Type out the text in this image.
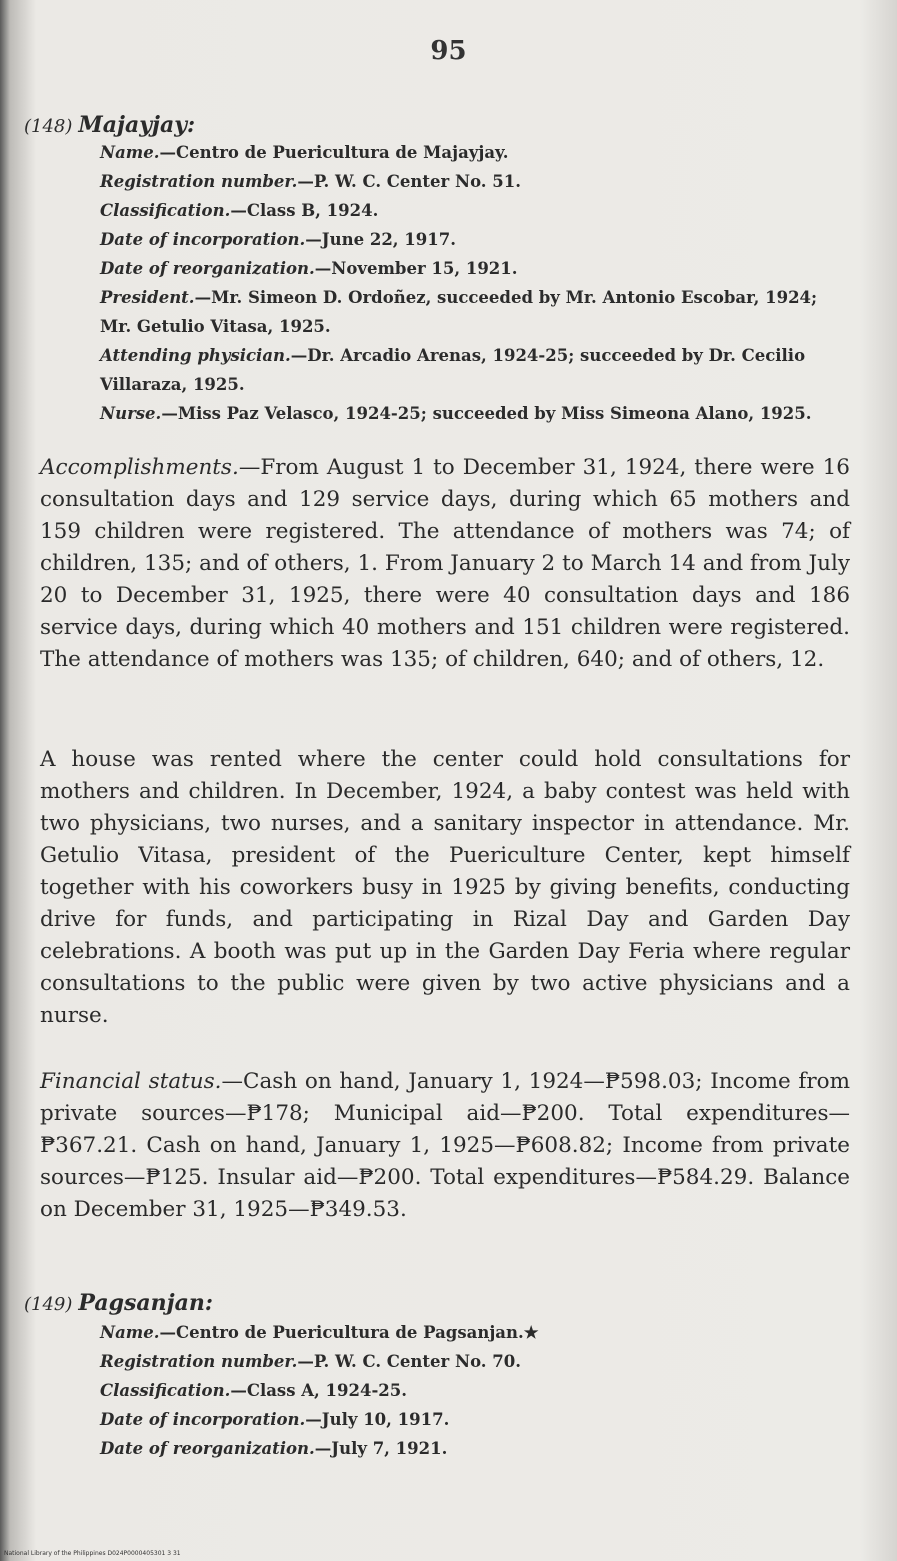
95
(148) Majayjay:
Name.—Centro de Puericultura de Majayjay.
Registration number.—P. W. C. Center No. 51.
Classification.—Class B, 1924.
Date of incorporation.—June 22, 1917.
Date of reorganization.—November 15, 1921.
President.—Mr. Simeon D. Ordoñez, succeeded by Mr. Antonio Escobar, 1924; Mr. Getulio Vitasa, 1925.
Attending physician.—Dr. Arcadio Arenas, 1924-25; succeeded by Dr. Cecilio Villaraza, 1925.
Nurse.—Miss Paz Velasco, 1924-25; succeeded by Miss Simeona Alano, 1925.
Accomplishments.—From August 1 to December 31, 1924, there were 16 consultation days and 129 service days, during which 65 mothers and 159 children were registered. The attendance of mothers was 74; of children, 135; and of others, 1. From January 2 to March 14 and from July 20 to December 31, 1925, there were 40 consultation days and 186 service days, during which 40 mothers and 151 children were registered. The attendance of mothers was 135; of children, 640; and of others, 12.
A house was rented where the center could hold consultations for mothers and children. In December, 1924, a baby contest was held with two physicians, two nurses, and a sanitary inspector in attendance. Mr. Getulio Vitasa, president of the Puericulture Center, kept himself together with his coworkers busy in 1925 by giving benefits, conducting drive for funds, and participating in Rizal Day and Garden Day celebrations. A booth was put up in the Garden Day Feria where regular consultations to the public were given by two active physicians and a nurse.
Financial status.—Cash on hand, January 1, 1924—₱598.03; Income from private sources—₱178; Municipal aid—₱200. Total expenditures—₱367.21. Cash on hand, January 1, 1925—₱608.82; Income from private sources—₱125. Insular aid—₱200. Total expenditures—₱584.29. Balance on December 31, 1925—₱349.53.
(149) Pagsanjan:
Name.—Centro de Puericultura de Pagsanjan.★
Registration number.—P. W. C. Center No. 70.
Classification.—Class A, 1924-25.
Date of incorporation.—July 10, 1917.
Date of reorganization.—July 7, 1921.
National Library of the Philippines D024P0000405301 3 31
